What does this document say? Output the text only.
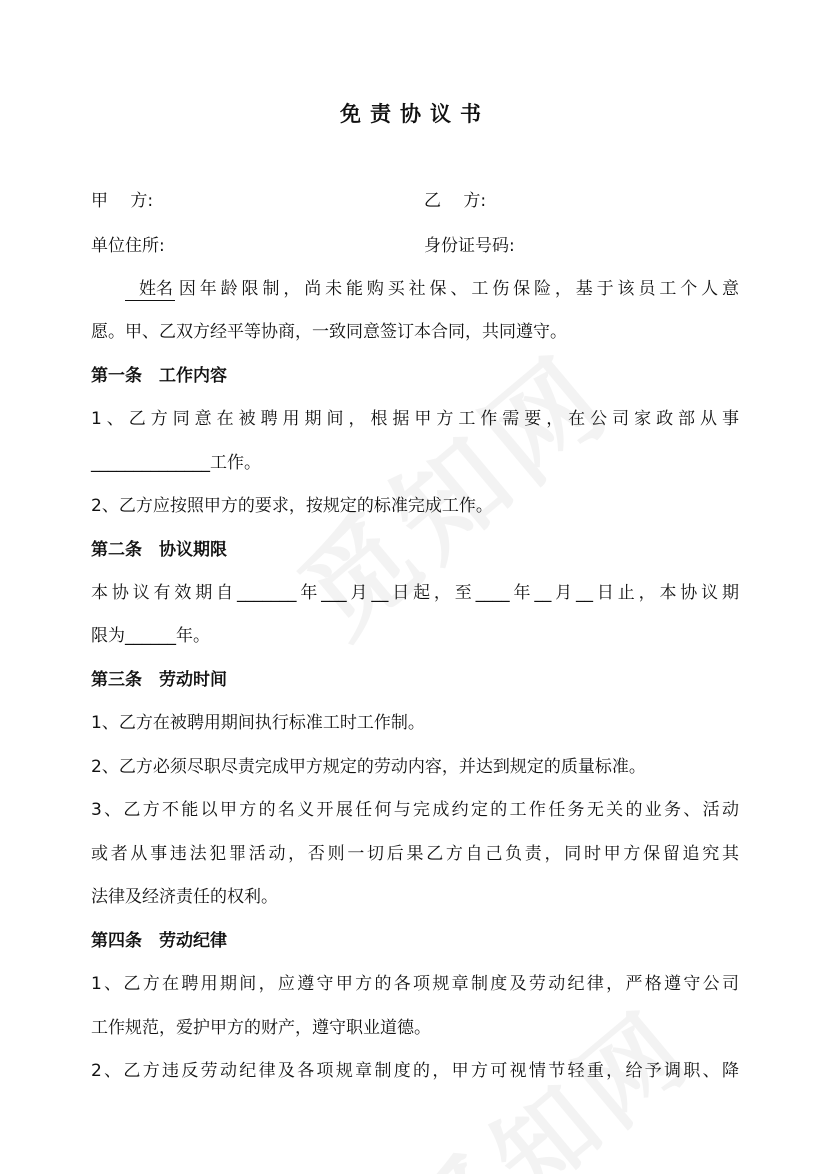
免责协议书
甲　 方:	乙　 方:
单位住所:	身份证号码:
姓名 因年龄限制，尚未能购买社保、工伤保险，基于该员工个人意
愿。甲、乙双方经平等协商，一致同意签订本合同，共同遵守。
第一条　工作内容
1、乙方同意在被聘用期间，根据甲方工作需要，在公司家政部从事
______________工作。
2、乙方应按照甲方的要求，按规定的标准完成工作。
第二条　协议期限
本协议有效期自_______年___月__日起，至____年__月__日止，本协议期
限为______年。
第三条　劳动时间
1、乙方在被聘用期间执行标准工时工作制。
2、乙方必须尽职尽责完成甲方规定的劳动内容，并达到规定的质量标准。
3、乙方不能以甲方的名义开展任何与完成约定的工作任务无关的业务、活动
或者从事违法犯罪活动，否则一切后果乙方自己负责，同时甲方保留追究其
法律及经济责任的权利。
第四条　劳动纪律
1、乙方在聘用期间，应遵守甲方的各项规章制度及劳动纪律，严格遵守公司
工作规范，爱护甲方的财产，遵守职业道德。
2、乙方违反劳动纪律及各项规章制度的，甲方可视情节轻重，给予调职、降
